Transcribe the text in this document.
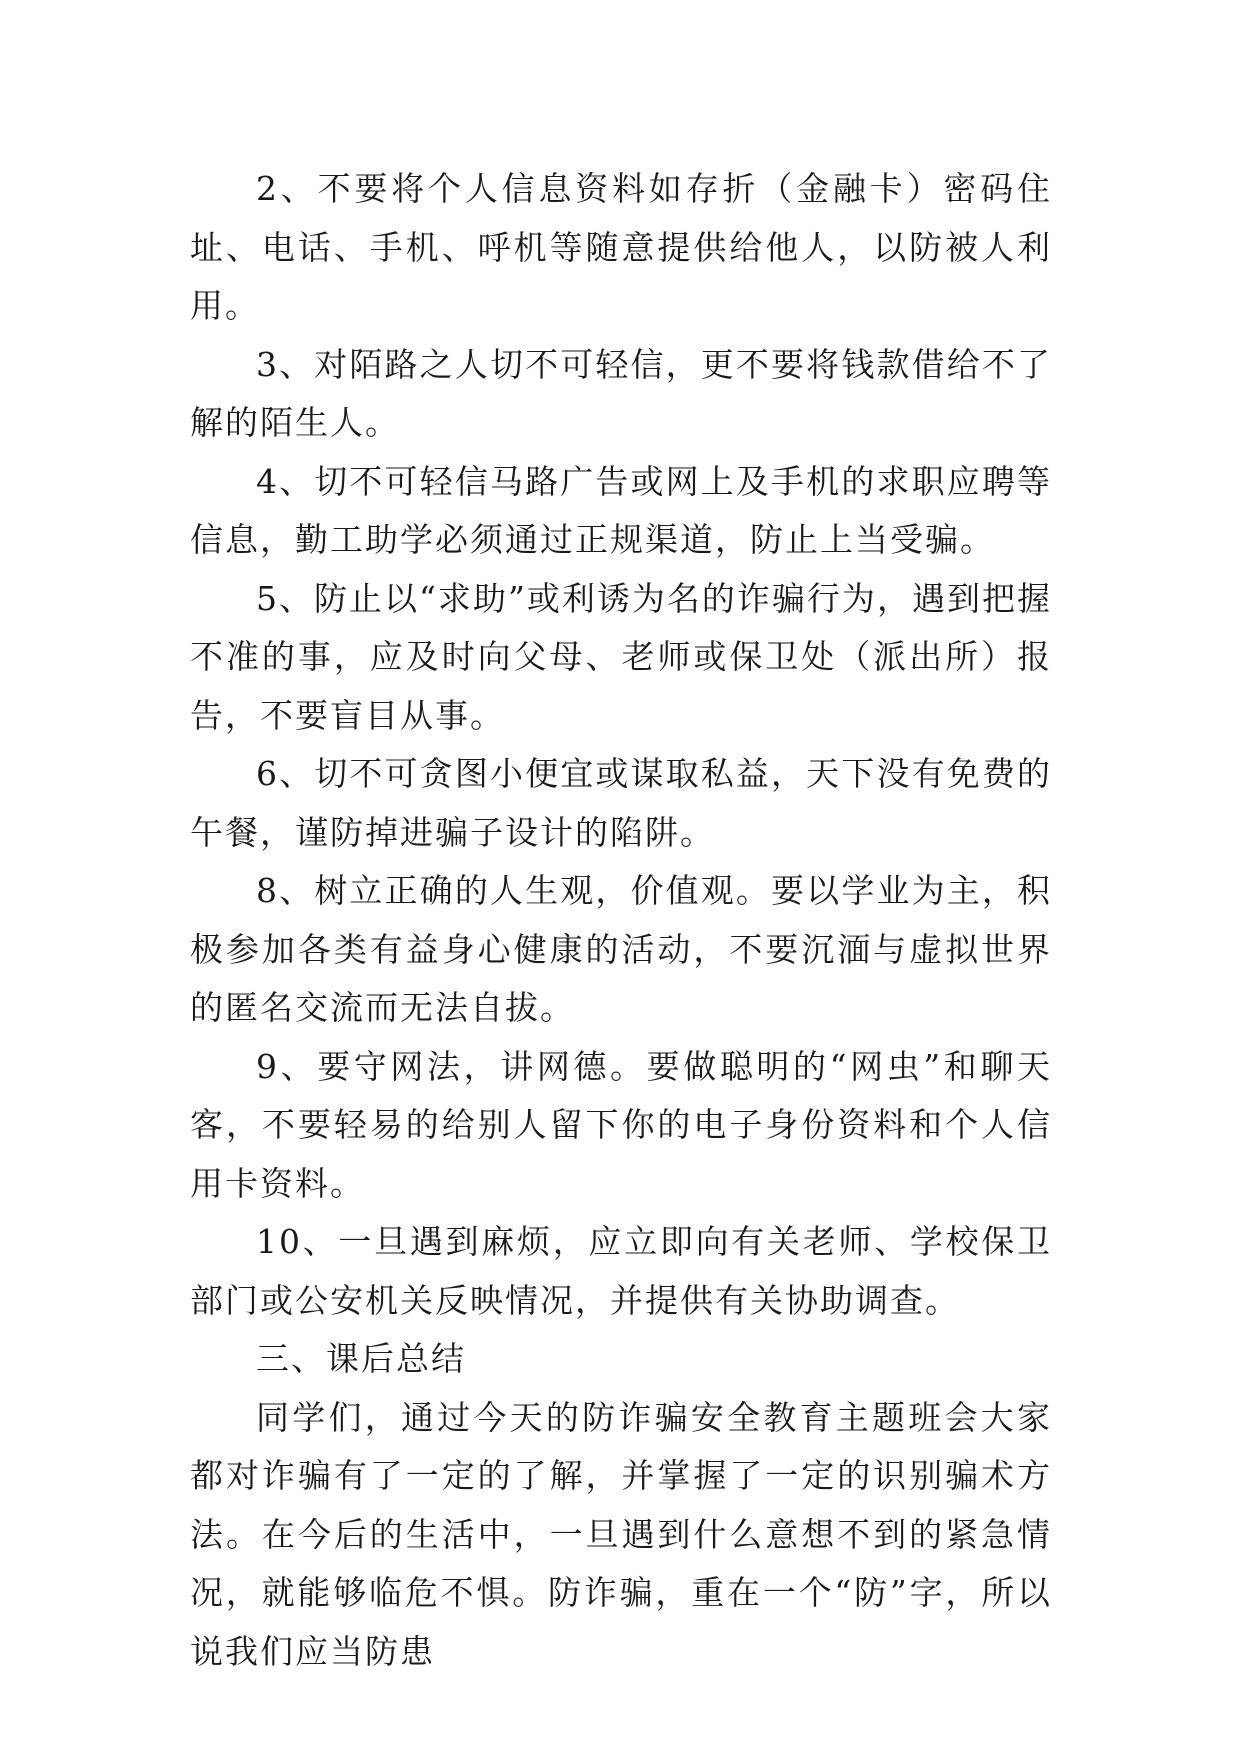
2、不要将个人信息资料如存折（金融卡）密码住址、电话、手机、呼机等随意提供给他人，以防被人利用。

3、对陌路之人切不可轻信，更不要将钱款借给不了解的陌生人。

4、切不可轻信马路广告或网上及手机的求职应聘等信息，勤工助学必须通过正规渠道，防止上当受骗。

5、防止以“求助”或利诱为名的诈骗行为，遇到把握不准的事，应及时向父母、老师或保卫处（派出所）报告，不要盲目从事。

6、切不可贪图小便宜或谋取私益，天下没有免费的午餐，谨防掉进骗子设计的陷阱。

8、树立正确的人生观，价值观。要以学业为主，积极参加各类有益身心健康的活动，不要沉湎与虚拟世界的匿名交流而无法自拔。

9、要守网法，讲网德。要做聪明的“网虫”和聊天客，不要轻易的给别人留下你的电子身份资料和个人信用卡资料。

10、一旦遇到麻烦，应立即向有关老师、学校保卫部门或公安机关反映情况，并提供有关协助调查。

三、课后总结

同学们，通过今天的防诈骗安全教育主题班会大家都对诈骗有了一定的了解，并掌握了一定的识别骗术方法。在今后的生活中，一旦遇到什么意想不到的紧急情况，就能够临危不惧。防诈骗，重在一个“防”字，所以说我们应当防患
